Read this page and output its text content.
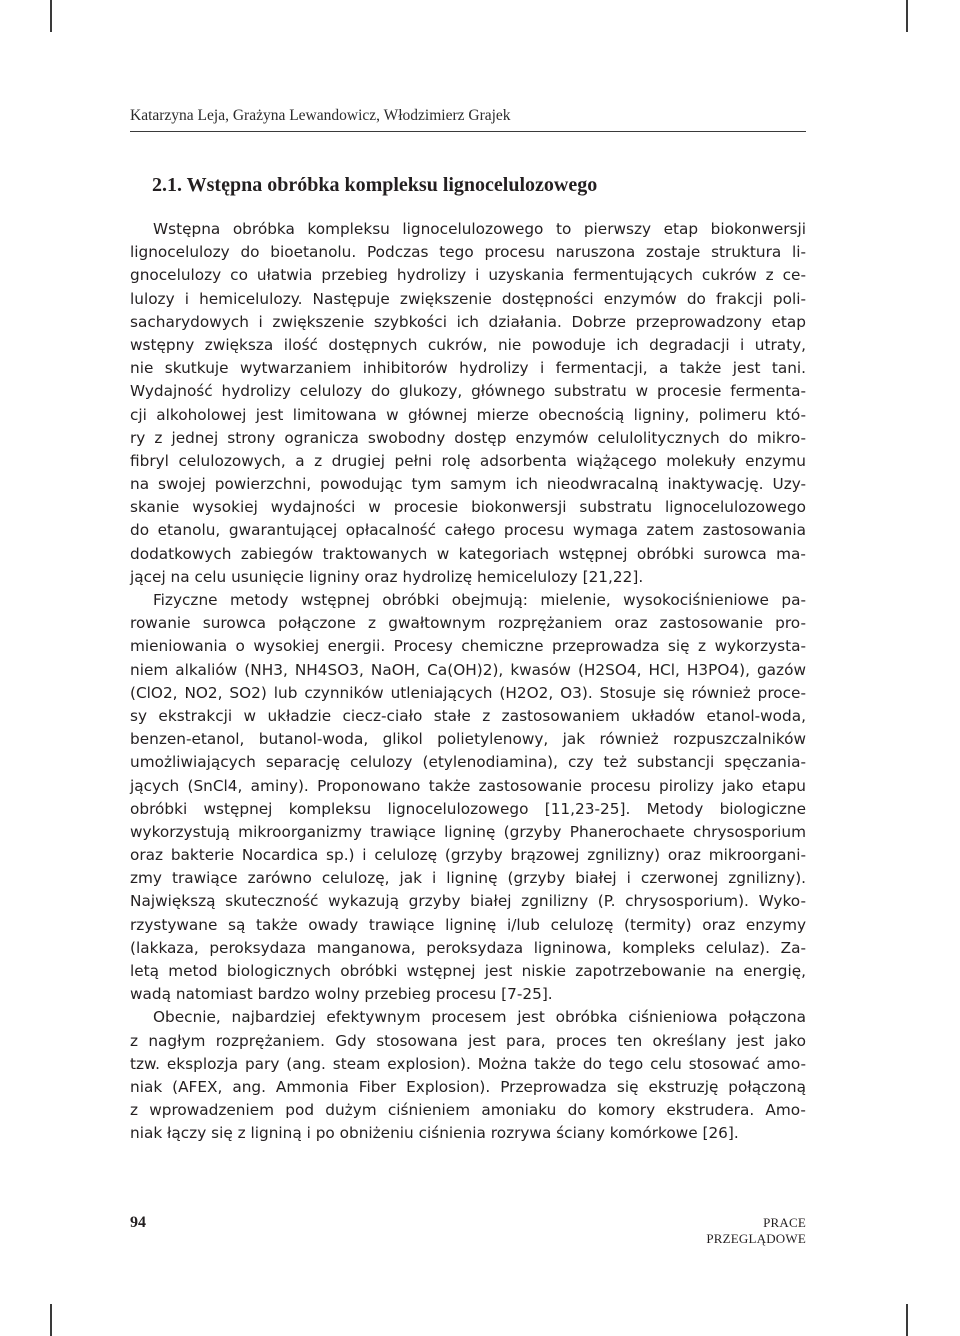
Katarzyna Leja, Grażyna Lewandowicz, Włodzimierz Grajek
2.1. Wstępna obróbka kompleksu lignocelulozowego
Wstępna obróbka kompleksu lignocelulozowego to pierwszy etap biokonwersji
lignocelulozy do bioetanolu. Podczas tego procesu naruszona zostaje struktura li-
gnocelulozy co ułatwia przebieg hydrolizy i uzyskania fermentujących cukrów z ce-
lulozy i hemicelulozy. Następuje zwiększenie dostępności enzymów do frakcji poli-
sacharydowych i zwiększenie szybkości ich działania. Dobrze przeprowadzony etap
wstępny zwiększa ilość dostępnych cukrów, nie powoduje ich degradacji i utraty,
nie skutkuje wytwarzaniem inhibitorów hydrolizy i fermentacji, a także jest tani.
Wydajność hydrolizy celulozy do glukozy, głównego substratu w procesie fermenta-
cji alkoholowej jest limitowana w głównej mierze obecnością ligniny, polimeru któ-
ry z jednej strony ogranicza swobodny dostęp enzymów celulolitycznych do mikro-
fibryl celulozowych, a z drugiej pełni rolę adsorbenta wiążącego molekuły enzymu
na swojej powierzchni, powodując tym samym ich nieodwracalną inaktywację. Uzy-
skanie wysokiej wydajności w procesie biokonwersji substratu lignocelulozowego
do etanolu, gwarantującej opłacalność całego procesu wymaga zatem zastosowania
dodatkowych zabiegów traktowanych w kategoriach wstępnej obróbki surowca ma-
jącej na celu usunięcie ligniny oraz hydrolizę hemicelulozy [21,22].
Fizyczne metody wstępnej obróbki obejmują: mielenie, wysokociśnieniowe pa-
rowanie surowca połączone z gwałtownym rozprężaniem oraz zastosowanie pro-
mieniowania o wysokiej energii. Procesy chemiczne przeprowadza się z wykorzysta-
niem alkaliów (NH3, NH4SO3, NaOH, Ca(OH)2), kwasów (H2SO4, HCl, H3PO4), gazów
(ClO2, NO2, SO2) lub czynników utleniających (H2O2, O3). Stosuje się również proce-
sy ekstrakcji w układzie ciecz-ciało stałe z zastosowaniem układów etanol-woda,
benzen-etanol, butanol-woda, glikol polietylenowy, jak również rozpuszczalników
umożliwiających separację celulozy (etylenodiamina), czy też substancji spęczania-
jących (SnCl4, aminy). Proponowano także zastosowanie procesu pirolizy jako etapu
obróbki wstępnej kompleksu lignocelulozowego [11,23-25]. Metody biologiczne
wykorzystują mikroorganizmy trawiące ligninę (grzyby Phanerochaete chrysosporium
oraz bakterie Nocardica sp.) i celulozę (grzyby brązowej zgnilizny) oraz mikroorgani-
zmy trawiące zarówno celulozę, jak i ligninę (grzyby białej i czerwonej zgnilizny).
Największą skuteczność wykazują grzyby białej zgnilizny (P. chrysosporium). Wyko-
rzystywane są także owady trawiące ligninę i/lub celulozę (termity) oraz enzymy
(lakkaza, peroksydaza manganowa, peroksydaza ligninowa, kompleks celulaz). Za-
letą metod biologicznych obróbki wstępnej jest niskie zapotrzebowanie na energię,
wadą natomiast bardzo wolny przebieg procesu [7-25].
Obecnie, najbardziej efektywnym procesem jest obróbka ciśnieniowa połączona
z nagłym rozprężaniem. Gdy stosowana jest para, proces ten określany jest jako
tzw. eksplozja pary (ang. steam explosion). Można także do tego celu stosować amo-
niak (AFEX, ang. Ammonia Fiber Explosion). Przeprowadza się ekstruzję połączoną
z wprowadzeniem pod dużym ciśnieniem amoniaku do komory ekstrudera. Amo-
niak łączy się z ligniną i po obniżeniu ciśnienia rozrywa ściany komórkowe [26].
94	PRACE PRZEGLĄDOWE
